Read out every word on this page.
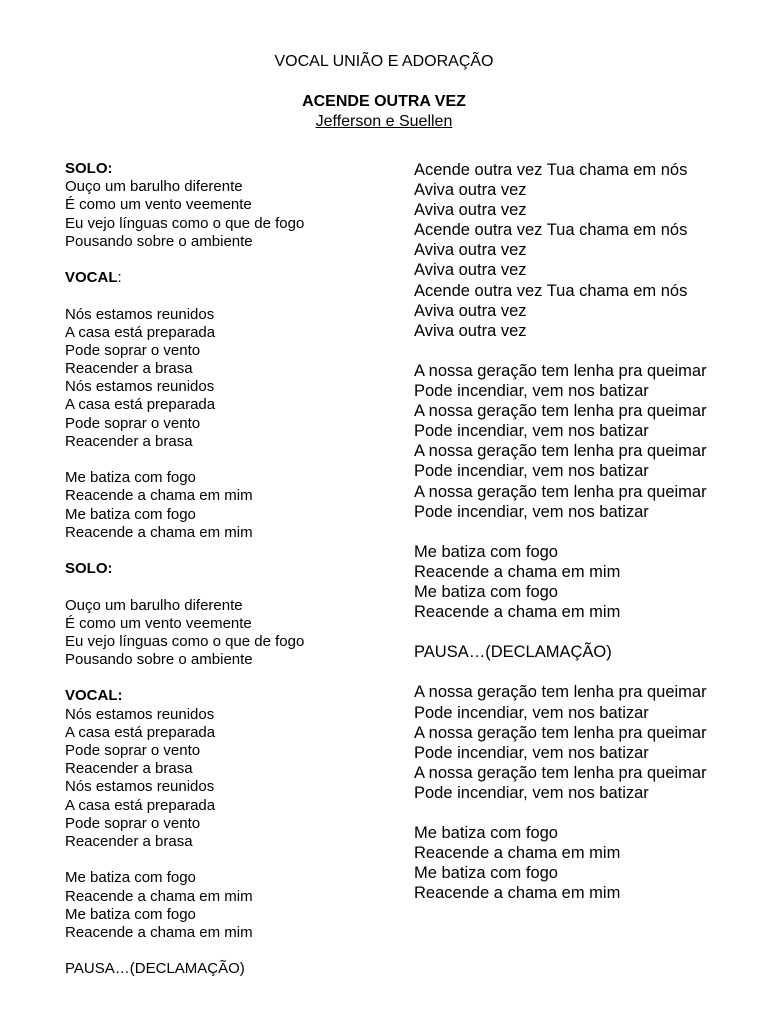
VOCAL UNIÃO E ADORAÇÃO
ACENDE OUTRA VEZ
Jefferson e Suellen
SOLO:
Ouço um barulho diferente
É como um vento veemente
Eu vejo línguas como o que de fogo
Pousando sobre o ambiente
VOCAL:
Nós estamos reunidos
A casa está preparada
Pode soprar o vento
Reacender a brasa
Nós estamos reunidos
A casa está preparada
Pode soprar o vento
Reacender a brasa
Me batiza com fogo
Reacende a chama em mim
Me batiza com fogo
Reacende a chama em mim
SOLO:
Ouço um barulho diferente
É como um vento veemente
Eu vejo línguas como o que de fogo
Pousando sobre o ambiente
VOCAL:
Nós estamos reunidos
A casa está preparada
Pode soprar o vento
Reacender a brasa
Nós estamos reunidos
A casa está preparada
Pode soprar o vento
Reacender a brasa
Me batiza com fogo
Reacende a chama em mim
Me batiza com fogo
Reacende a chama em mim
PAUSA…(DECLAMAÇÃO)
Acende outra vez Tua chama em nós
Aviva outra vez
Aviva outra vez
Acende outra vez Tua chama em nós
Aviva outra vez
Aviva outra vez
Acende outra vez Tua chama em nós
Aviva outra vez
Aviva outra vez
A nossa geração tem lenha pra queimar
Pode incendiar, vem nos batizar
A nossa geração tem lenha pra queimar
Pode incendiar, vem nos batizar
A nossa geração tem lenha pra queimar
Pode incendiar, vem nos batizar
A nossa geração tem lenha pra queimar
Pode incendiar, vem nos batizar
Me batiza com fogo
Reacende a chama em mim
Me batiza com fogo
Reacende a chama em mim
PAUSA…(DECLAMAÇÃO)
A nossa geração tem lenha pra queimar
Pode incendiar, vem nos batizar
A nossa geração tem lenha pra queimar
Pode incendiar, vem nos batizar
A nossa geração tem lenha pra queimar
Pode incendiar, vem nos batizar
Me batiza com fogo
Reacende a chama em mim
Me batiza com fogo
Reacende a chama em mim
